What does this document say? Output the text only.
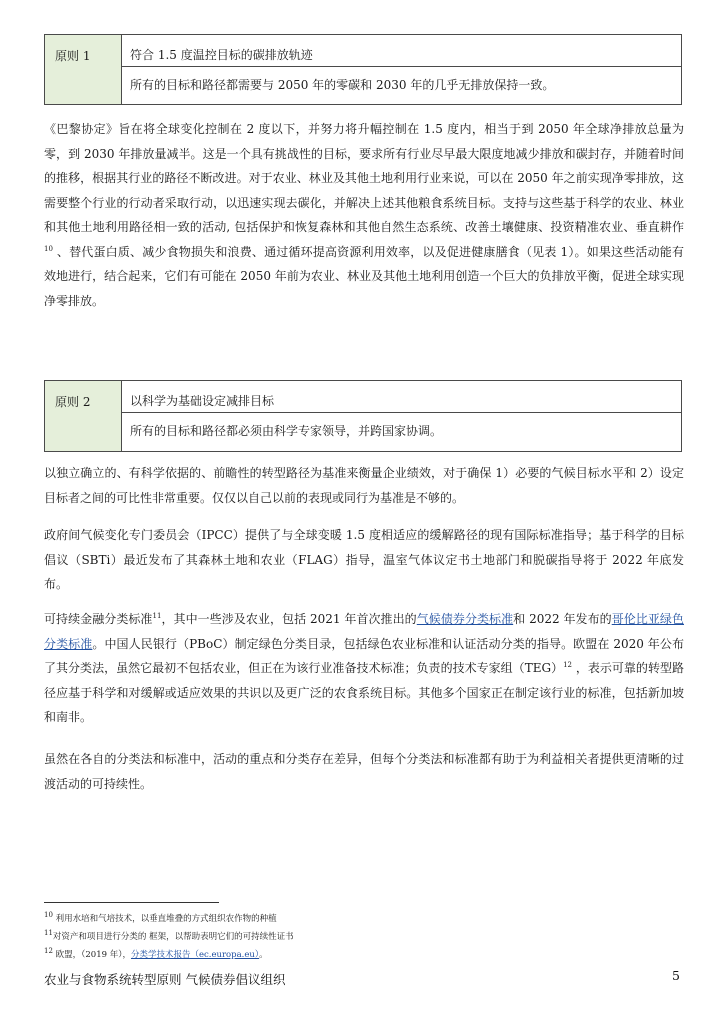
原则 1	符合 1.5 度温控目标的碳排放轨迹
所有的目标和路径都需要与 2050 年的零碳和 2030 年的几乎无排放保持一致。

《巴黎协定》旨在将全球变化控制在 2 度以下，并努力将升幅控制在 1.5 度内，相当于到 2050 年全球净排放总量为零，到 2030 年排放量减半。这是一个具有挑战性的目标，要求所有行业尽早最大限度地减少排放和碳封存，并随着时间的推移，根据其行业的路径不断改进。对于农业、林业及其他土地利用行业来说，可以在 2050 年之前实现净零排放，这需要整个行业的行动者采取行动，以迅速实现去碳化，并解决上述其他粮食系统目标。支持与这些基于科学的农业、林业和其他土地利用路径相一致的活动, 包括保护和恢复森林和其他自然生态系统、改善土壤健康、投资精准农业、垂直耕作$^{10}$ 、替代蛋白质、减少食物损失和浪费、通过循环提高资源利用效率，以及促进健康膳食（见表 1）。如果这些活动能有效地进行，结合起来，它们有可能在 2050 年前为农业、林业及其他土地利用创造一个巨大的负排放平衡，促进全球实现净零排放。

原则 2	以科学为基础设定减排目标
所有的目标和路径都必须由科学专家领导，并跨国家协调。

以独立确立的、有科学依据的、前瞻性的转型路径为基准来衡量企业绩效，对于确保 1）必要的气候目标水平和 2）设定目标者之间的可比性非常重要。仅仅以自己以前的表现或同行为基准是不够的。

政府间气候变化专门委员会（IPCC）提供了与全球变暖 1.5 度相适应的缓解路径的现有国际标准指导；基于科学的目标倡议（SBTi）最近发布了其森林土地和农业（FLAG）指导，温室气体议定书土地部门和脱碳指导将于 2022 年底发布。

可持续金融分类标准$^{11}$，其中一些涉及农业，包括 2021 年首次推出的气候债券分类标准和 2022 年发布的哥伦比亚绿色分类标准。中国人民银行（PBoC）制定绿色分类目录，包括绿色农业标准和认证活动分类的指导。欧盟在 2020 年公布了其分类法，虽然它最初不包括农业，但正在为该行业准备技术标准；负责的技术专家组（TEG）$^{12}$ ，表示可靠的转型路径应基于科学和对缓解或适应效果的共识以及更广泛的农食系统目标。其他多个国家正在制定该行业的标准，包括新加坡和南非。

虽然在各自的分类法和标准中，活动的重点和分类存在差异，但每个分类法和标准都有助于为利益相关者提供更清晰的过渡活动的可持续性。

$^{10}$ 利用水培和气培技术，以垂直堆叠的方式组织农作物的种植
$^{11}$对资产和项目进行分类的 框架，以帮助表明它们的可持续性证书
$^{12}$ 欧盟，（2019 年），分类学技术报告（ec.europa.eu）。
农业与食物系统转型原则 气候债券倡议组织	5
